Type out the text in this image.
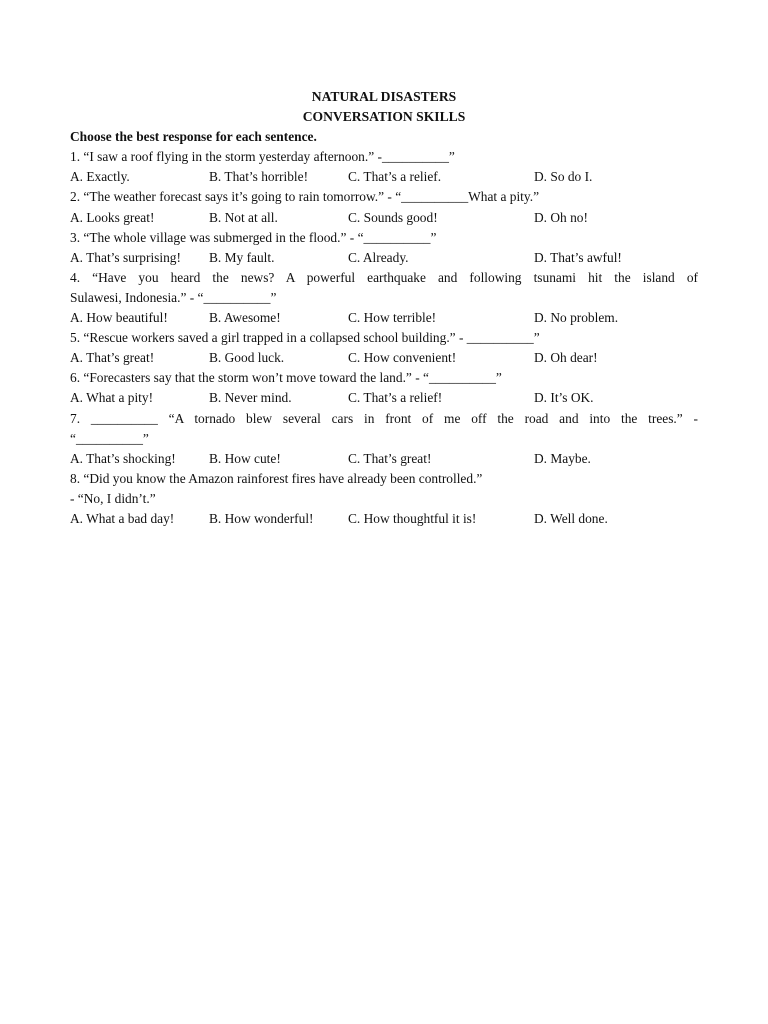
NATURAL DISASTERS

CONVERSATION SKILLS

Choose the best response for each sentence.

1. “I saw a roof flying in the storm yesterday afternoon.” -__________”

A. Exactly.	B. That’s horrible!	C. That’s a relief.	D. So do I.

2. “The weather forecast says it’s going to rain tomorrow.” - “__________What a pity.”

A. Looks great!	B. Not at all.	C. Sounds good!	D. Oh no!

3. “The whole village was submerged in the flood.” - “__________”

A. That’s surprising! B. My fault.	C. Already.	D. That’s awful!

4. “Have you heard the news? A powerful earthquake and following tsunami hit the island of

Sulawesi, Indonesia.” - “__________”

A. How beautiful!	B. Awesome!	C. How terrible!	D. No problem.

5. “Rescue workers saved a girl trapped in a collapsed school building.” - __________”

A. That’s great!	B. Good luck.	C. How convenient!	D. Oh dear!

6. “Forecasters say that the storm won’t move toward the land.” - “__________”

A. What a pity!	B. Never mind.	C. That’s a relief!	D. It’s OK.

7. __________ “A tornado blew several cars in front of me off the road and into the trees.” -

“__________”

A. That’s shocking! B. How cute!	C. That’s great!	D. Maybe.

8. “Did you know the Amazon rainforest fires have already been controlled.”

- “No, I didn’t.”

A. What a bad day!	B. How wonderful!	C. How thoughtful it is!	D. Well done.
